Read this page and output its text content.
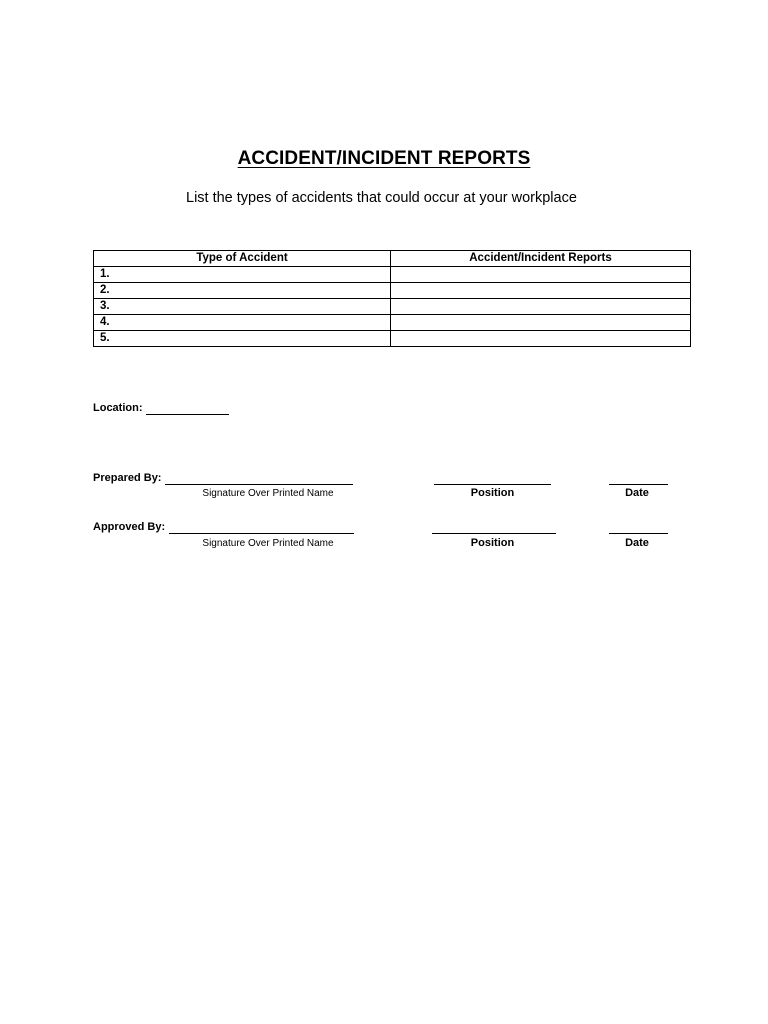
ACCIDENT/INCIDENT REPORTS
List the types of accidents that could occur at your workplace
Type of Accident	Accident/Incident Reports
1.	
2.	
3.	
4.	
5.	
Location:
Prepared By:
Signature Over Printed Name	Position	Date
Approved By:
Signature Over Printed Name	Position	Date
